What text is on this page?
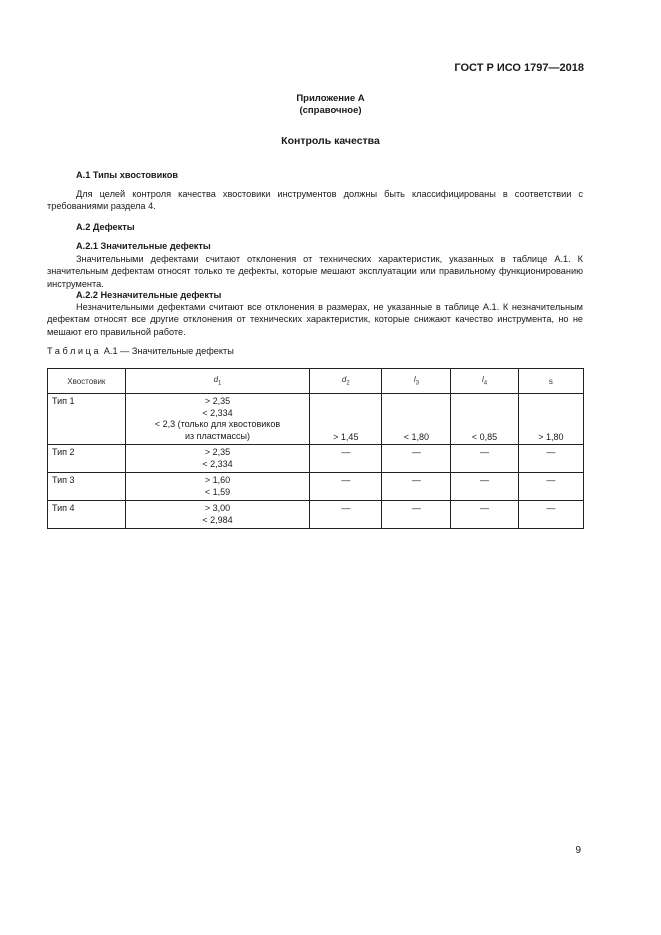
ГОСТ Р ИСО 1797—2018
Приложение А
(справочное)
Контроль качества
А.1 Типы хвостовиков
Для целей контроля качества хвостовики инструментов должны быть классифицированы в соответствии с требованиями раздела 4.
А.2 Дефекты
А.2.1 Значительные дефекты
Значительными дефектами считают отклонения от технических характеристик, указанных в таблице А.1. К значительным дефектам относят только те дефекты, которые мешают эксплуатации или правильному функционированию инструмента.
А.2.2 Незначительные дефекты
Незначительными дефектами считают все отклонения в размерах, не указанные в таблице А.1. К незначительным дефектам относят все другие отклонения от технических характеристик, которые снижают качество инструмента, но не мешают его правильной работе.
Таблица А.1 — Значительные дефекты
Хвостовик	$d_1$	$d_2$	$l_3$	$l_4$	s
Тип 1	> 2,35
< 2,334
< 2,3 (только для хвостовиков
из пластмассы)	> 1,45	< 1,80	< 0,85	> 1,80
Тип 2	> 2,35
< 2,334	—	—	—	—
Тип 3	> 1,60
< 1,59	—	—	—	—
Тип 4	> 3,00
< 2,984	—	—	—	—
9
